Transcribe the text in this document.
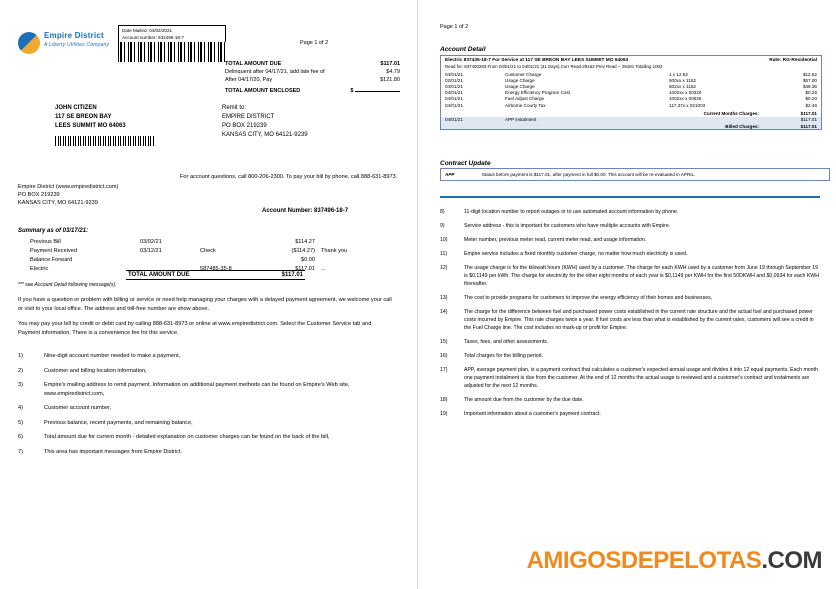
Empire District
A Liberty Utilities Company
Date Mailed: 04/02/2021
Account number: 932496-18-7
Page 1 of 2
TOTAL AMOUNT DUE	$117.01
Delinquent after 04/17/21, add late fee of	$4.79
After 04/17/20, Pay	$121.80
TOTAL AMOUNT ENCLOSED	$
JOHN CITIZEN
117 SE BREON BAY
LEES SUMMIT MO 64063
Remit to:
EMPIRE DISTRICT
PO BOX 219239
KANSAS CITY, MO 64121-9239
For account questions, call 800-206-2300. To pay your bill by phone, call 888-631-8973.
Empire District (www.empiredistrict.com)
PO BOX 219239
KANSAS CITY, MO 64121-9239
Account Number: 837496-18-7
Summary as of 03/17/21:
Previous Bill	03/02/21	$114.27
Payment Received	03/12/21	Check	($114.27)	Thank you
Balance Forward	$0.00
Electric	587485-35-8	$117.01	...
TOTAL AMOUNT DUE	$117.01
*** see Account Detail following message(s).
If you have a question or problem with billing or service or need help managing your charges with a delayed payment agreement, we welcome your call or visit to your local office. The address and toll-free number are show above.
You may pay your bill by credit or debit card by calling 888-631-8973 or online at www.empiredistrict.com. Select the Customer Service tab and Payment information. There is a convenience fee for this service.
1)	Nine-digit account number needed to make a payment,
2)	Customer and billing location information,
3)	Empire's mailing address to remit payment. Information on additional payment methods can be found on Empire's Web site, www.empiredistrict.com,
4)	Customer account number,
5)	Previous balance, recent payments, and remaining balance,
6)	Total amount due for current month - detailed explanation on customer charges can be found on the back of the bill,
7)	This area has important messages from Empire District.
Page 1 of 2
Account Detail
Electric 837435-18-7 For Service at 117 SE BREON BAY LEES SUMMIT MO 64063	Rate: RG-Residential
Read for: 837400283 From 03/01/21 to 04/01/21 (31 Days) Curr Read-29163 Prev Read -- 28181 Totalling 1002
04/01/21	Customer Charge	1 x 12.52	$12.52
02/01/21	Usage Charge	500xx x 1152	$57.00
04/01/21	Usage Charge	502xx x 1152	$48.36
04/01/21	Energy Efficiency Program Cost	1002xx x 00320	$0.26
04/01/21	Fuel Adjust Charge	1002xx x 00025	$0.20
04/01/21	Airborne Courty Tax	117.37x x 021003	$2.46
		Current Months Charges:	$117.01
04/01/21	APP instalment		$117.01
		Billed Charges:	$117.01
Contract Update
APP	Status before payment is $117.01, after payment in full $0.00. This account will be re-evaluated in APRIL.
8)	11-digit location number to report outages or to use automated account information by phone.
9)	Service address - this is important for customers who have multiple accounts with Empire.
10)	Meter number, previous meter read, current meter read, and usage information.
11)	Empire service includes a fixed monthly customer charge, no matter how much electricity is used.
12)	The usage charge is for the kilowatt hours (KWH) used by a customer. The charge for each KWH used by a customer from June 19 through September 19 is $0,1149 per kWh. The charge for electricity for the other eight months of each year is $0,1149 per KWH for the first 50DKWH and $0,0934 for each KWH thereafter.
13)	The cost to provide programs for customers to improve the energy efficiency of their homes and businesses,
14)	The charge for the difference between fuel and purchased power costs established in the current rate structure and the actual fuel and purchased power costs incurred by Empire. This rate charges twice a year. If fuel costs are less than what is established by the current rates, customers will see a credit in the Fuel Charge line. The cost includes no mark-up or profit for Empire.
15)	Taxes, fees, and other assessments.
16)	Total charges for the billing period.
17)	APP, average payment plan, is a payment contract that calculates a customer's expected annual usage and divides it into 12 equal payments. Each month one payment instalment is due from the customer. At the end of 12 months the actual usage is reviewed and a customer's contract and instalments are adjusted for the next 12 months.
18)	The amount due from the customer by the due date.
19)	Important information about a customer's payment contract.
AMIGOSDEPELOTAS.COM
